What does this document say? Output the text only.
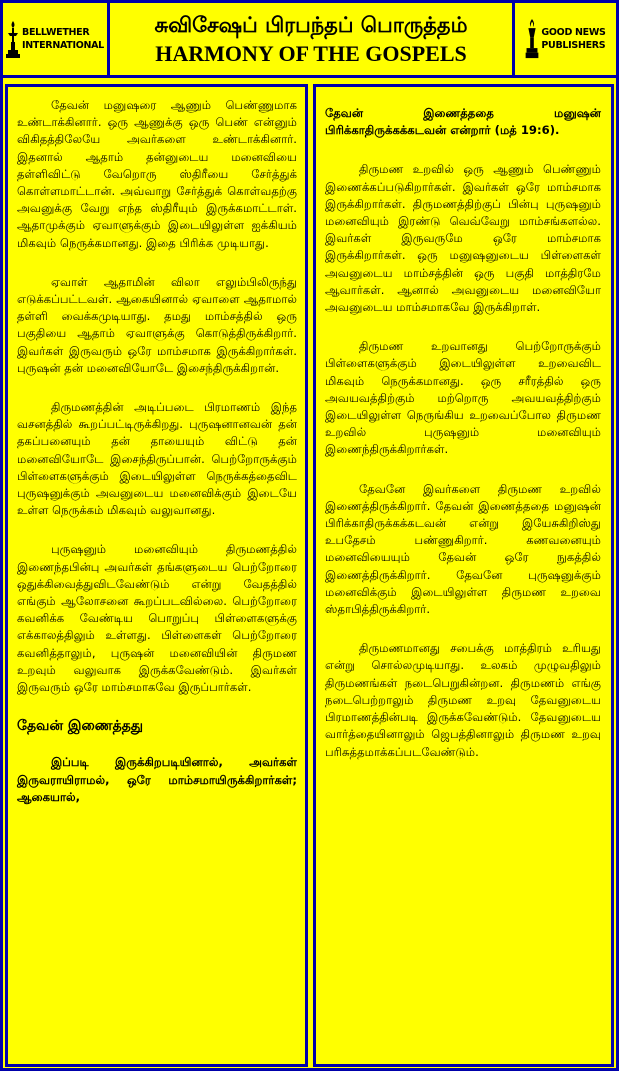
BELLWETHER
INTERNATIONAL
சுவிசேஷப் பிரபந்தப் பொருத்தம்
HARMONY OF THE GOSPELS
GOOD NEWS
PUBLISHERS

தேவன் மனுஷரை ஆணும் பெண்ணுமாக உண்டாக்கினார். ஒரு ஆணுக்கு ஒரு பெண் என்னும் விகிதத்திலேயே அவர்களை உண்டாக்கினார். இதனால் ஆதாம் தன்னுடைய மனைவியை தள்ளிவிட்டு வேறொரு ஸ்திரீயை சேர்த்துக் கொள்ளமாட்டான். அவ்வாறு சேர்த்துக் கொள்வதற்கு அவனுக்கு வேறு எந்த ஸ்திரீயும் இருக்கமாட்டாள். ஆதாமுக்கும் ஏவாளுக்கும் இடையிலுள்ள ஐக்கியம் மிகவும் நெருக்கமானது. இதை பிரிக்க முடியாது.

ஏவாள் ஆதாமின் விலா எலும்பிலிருந்து எடுக்கப்பட்டவள். ஆகையினால் ஏவாளை ஆதாமால் தள்ளி வைக்கமுடியாது. தமது மாம்சத்தில் ஒரு பகுதியை ஆதாம் ஏவாளுக்கு கொடுத்திருக்கிறார். இவர்கள் இருவரும் ஒரே மாம்சமாக இருக்கிறார்கள். புருஷன் தன் மனைவியோடே இசைந்திருக்கிறான்.

திருமணத்தின் அடிப்படை பிரமாணம் இந்த வசனத்தில் கூறப்பட்டிருக்கிறது. புருஷனானவன் தன் தகப்பனையும் தன் தாயையும் விட்டு தன் மனைவியோடே இசைந்திருப்பான். பெற்றோருக்கும் பிள்ளைகளுக்கும் இடையிலுள்ள நெருக்கத்தைவிட புருஷனுக்கும் அவனுடைய மனைவிக்கும் இடையே உள்ள நெருக்கம் மிகவும் வலுவானது.

புருஷனும் மனைவியும் திருமணத்தில் இணைந்தபின்பு அவர்கள் தங்களுடைய பெற்றோரை ஒதுக்கிவைத்துவிடவேண்டும் என்று வேதத்தில் எங்கும் ஆலோசனை கூறப்படவில்லை. பெற்றோரை கவனிக்க வேண்டிய பொறுப்பு பிள்ளைகளுக்கு எக்காலத்திலும் உள்ளது. பிள்ளைகள் பெற்றோரை கவனித்தாலும், புருஷன் மனைவியின் திருமண உறவும் வலுவாக இருக்கவேண்டும். இவர்கள் இருவரும் ஒரே மாம்சமாகவே இருப்பார்கள்.

தேவன் இணைத்தது

இப்படி இருக்கிறபடியினால், அவர்கள் இருவராயிராமல், ஒரே மாம்சமாயிருக்கிறார்கள்; ஆகையால்,

தேவன் இணைத்ததை மனுஷன் பிரிக்காதிருக்கக்கடவன் என்றார் (மத் 19:6).

திருமண உறவில் ஒரு ஆணும் பெண்ணும் இணைக்கப்படுகிறார்கள். இவர்கள் ஒரே மாம்சமாக இருக்கிறார்கள். திருமணத்திற்குப் பின்பு புருஷனும் மனைவியும் இரண்டு வெவ்வேறு மாம்சங்களல்ல. இவர்கள் இருவருமே ஒரே மாம்சமாக இருக்கிறார்கள். ஒரு மனுஷனுடைய பிள்ளைகள் அவனுடைய மாம்சத்தின் ஒரு பகுதி மாத்திரமே ஆவார்கள். ஆனால் அவனுடைய மனைவியோ அவனுடைய மாம்சமாகவே இருக்கிறாள்.

திருமண உறவானது பெற்றோருக்கும் பிள்ளைகளுக்கும் இடையிலுள்ள உறவைவிட மிகவும் நெருக்கமானது. ஒரு சரீரத்தில் ஒரு அவயவத்திற்கும் மற்றொரு அவயவத்திற்கும் இடையிலுள்ள நெருங்கிய உறவைப்போல திருமண உறவில் புருஷனும் மனைவியும் இணைந்திருக்கிறார்கள்.

தேவனே இவர்களை திருமண உறவில் இணைத்திருக்கிறார். தேவன் இணைத்ததை மனுஷன் பிரிக்காதிருக்கக்கடவன் என்று இயேசுகிறிஸ்து உபதேசம் பண்ணுகிறார். கணவனையும் மனைவியையும் தேவன் ஒரே நுகத்தில் இணைத்திருக்கிறார். தேவனே புருஷனுக்கும் மனைவிக்கும் இடையிலுள்ள திருமண உறவை ஸ்தாபித்திருக்கிறார்.

திருமணமானது சபைக்கு மாத்திரம் உரியது என்று சொல்லமுடியாது. உலகம் முழுவதிலும் திருமணங்கள் நடைபெறுகின்றன. திருமணம் எங்கு நடைபெற்றாலும் திருமண உறவு தேவனுடைய பிரமாணத்தின்படி இருக்கவேண்டும். தேவனுடைய வார்த்தையினாலும் ஜெபத்தினாலும் திருமண உறவு பரிசுத்தமாக்கப்படவேண்டும்.
